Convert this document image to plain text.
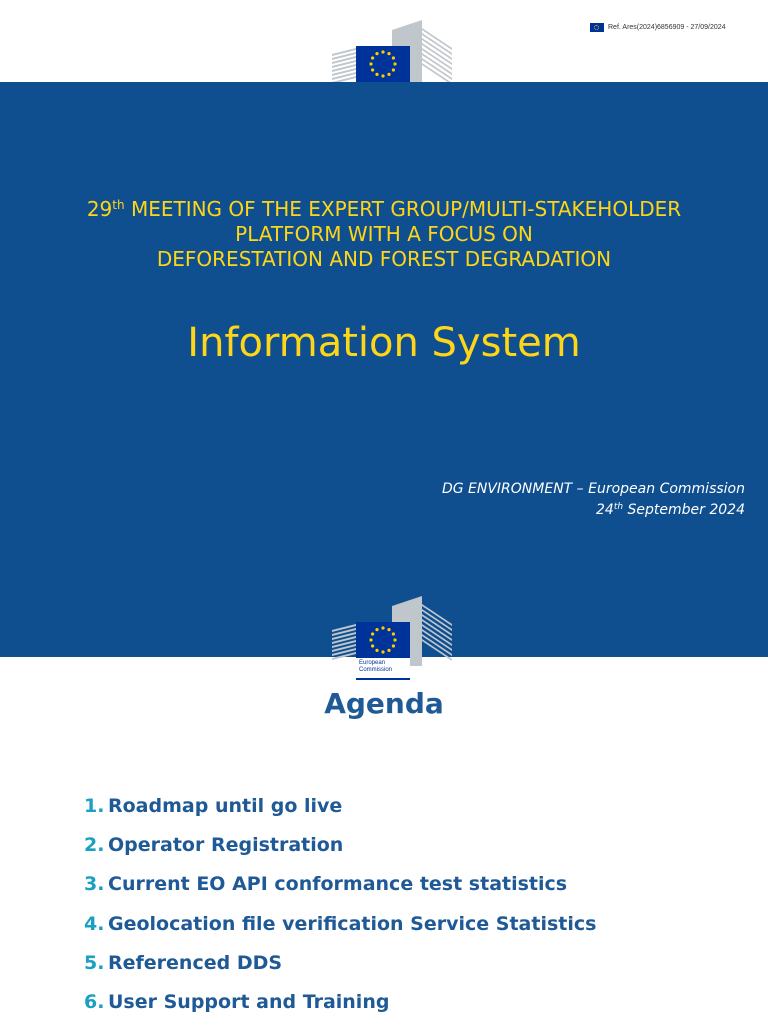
Ref. Ares(2024)6856909 - 27/09/2024
29th MEETING OF THE EXPERT GROUP/MULTI-STAKEHOLDER
PLATFORM WITH A FOCUS ON
DEFORESTATION AND FOREST DEGRADATION
Information System
DG ENVIRONMENT – European Commission
24th September 2024
European
Commission
Agenda
1. Roadmap until go live
2. Operator Registration
3. Current EO API conformance test statistics
4. Geolocation file verification Service Statistics
5. Referenced DDS
6. User Support and Training
